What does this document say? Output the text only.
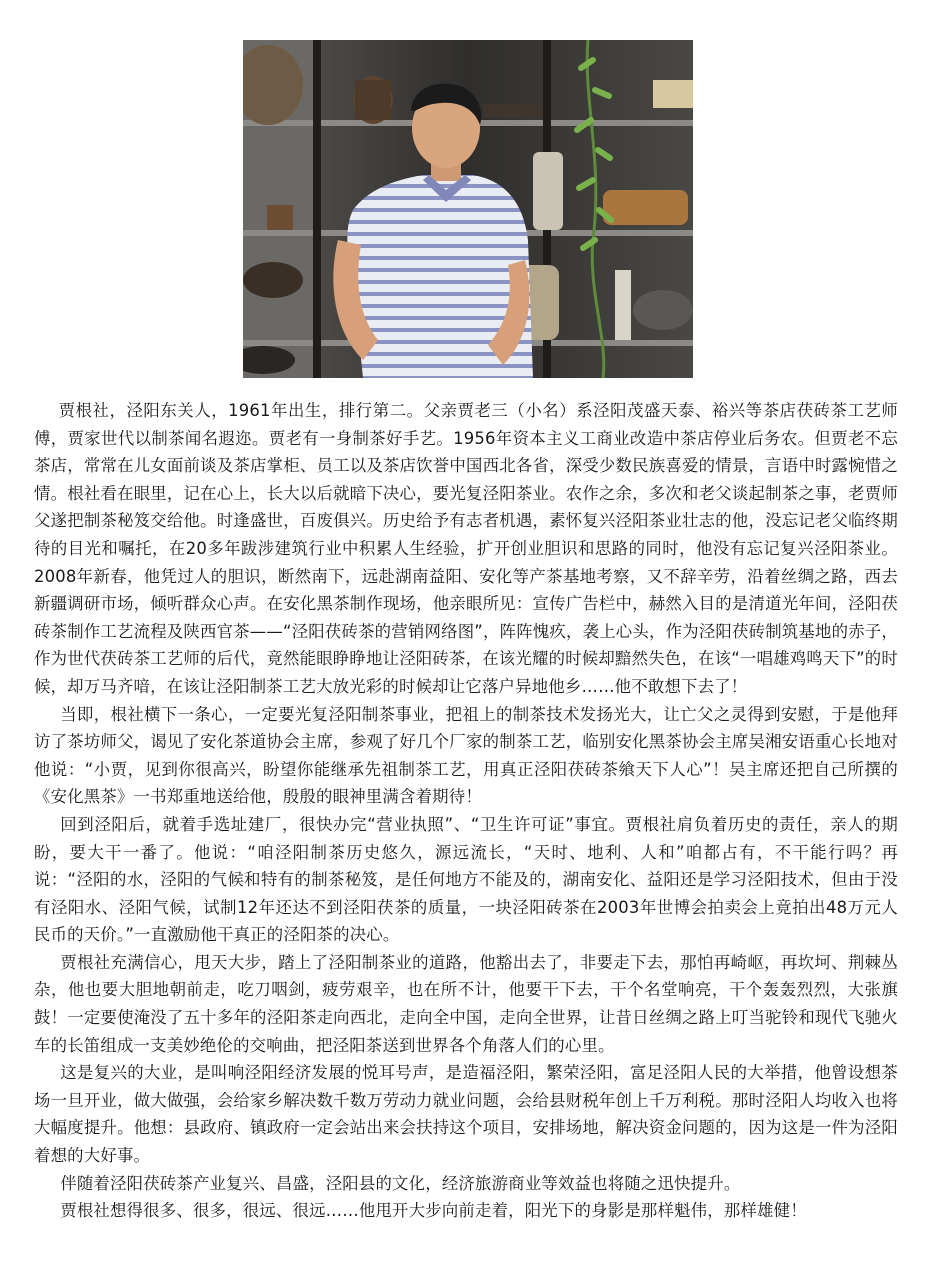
贾根社，泾阳东关人，1961年出生，排行第二。父亲贾老三（小名）系泾阳茂盛天泰、裕兴等茶店茯砖茶工艺师傅，贾家世代以制茶闻名遐迩。贾老有一身制茶好手艺。1956年资本主义工商业改造中茶店停业后务农。但贾老不忘茶店，常常在儿女面前谈及茶店掌柜、员工以及茶店饮誉中国西北各省，深受少数民族喜爱的情景，言语中时露惋惜之情。根社看在眼里，记在心上，长大以后就暗下决心，要光复泾阳茶业。农作之余，多次和老父谈起制茶之事，老贾师父遂把制茶秘笈交给他。时逢盛世，百废俱兴。历史给予有志者机遇，素怀复兴泾阳茶业壮志的他，没忘记老父临终期待的目光和嘱托，在20多年跋涉建筑行业中积累人生经验，扩开创业胆识和思路的同时，他没有忘记复兴泾阳茶业。2008年新春，他凭过人的胆识，断然南下，远赴湖南益阳、安化等产茶基地考察，又不辞辛劳，沿着丝绸之路，西去新疆调研市场，倾听群众心声。在安化黑茶制作现场，他亲眼所见：宣传广告栏中，赫然入目的是清道光年间，泾阳茯砖茶制作工艺流程及陕西官茶——“泾阳茯砖茶的营销网络图”，阵阵愧疚，袭上心头，作为泾阳茯砖制筑基地的赤子，作为世代茯砖茶工艺师的后代，竟然能眼睁睁地让泾阳砖茶，在该光耀的时候却黯然失色，在该“一唱雄鸡鸣天下”的时候，却万马齐喑，在该让泾阳制茶工艺大放光彩的时候却让它落户异地他乡……他不敢想下去了！

当即，根社横下一条心，一定要光复泾阳制茶事业，把祖上的制茶技术发扬光大，让亡父之灵得到安慰，于是他拜访了茶坊师父，谒见了安化茶道协会主席，参观了好几个厂家的制茶工艺，临别安化黑茶协会主席吴湘安语重心长地对他说：“小贾，见到你很高兴，盼望你能继承先祖制茶工艺，用真正泾阳茯砖茶飨天下人心”！吴主席还把自己所撰的《安化黑茶》一书郑重地送给他，殷殷的眼神里满含着期待！

回到泾阳后，就着手选址建厂，很快办完“营业执照”、“卫生许可证”事宜。贾根社肩负着历史的责任，亲人的期盼，要大干一番了。他说：“咱泾阳制茶历史悠久，源远流长，“天时、地利、人和”咱都占有，不干能行吗？再说：“泾阳的水，泾阳的气候和特有的制茶秘笈，是任何地方不能及的，湖南安化、益阳还是学习泾阳技术，但由于没有泾阳水、泾阳气候，试制12年还达不到泾阳茯茶的质量，一块泾阳砖茶在2003年世博会拍卖会上竟拍出48万元人民币的天价。”一直激励他干真正的泾阳茶的决心。

贾根社充满信心，甩天大步，踏上了泾阳制茶业的道路，他豁出去了，非要走下去，那怕再崎岖，再坎坷、荆棘丛杂，他也要大胆地朝前走，吃刀咽剑，疲劳艰辛，也在所不计，他要干下去，干个名堂响亮，干个轰轰烈烈，大张旗鼓！一定要使淹没了五十多年的泾阳茶走向西北，走向全中国，走向全世界，让昔日丝绸之路上叮当驼铃和现代飞驰火车的长笛组成一支美妙绝伦的交响曲，把泾阳茶送到世界各个角落人们的心里。

这是复兴的大业，是叫响泾阳经济发展的悦耳号声，是造福泾阳，繁荣泾阳，富足泾阳人民的大举措，他曾设想茶场一旦开业，做大做强，会给家乡解决数千数万劳动力就业问题，会给县财税年创上千万利税。那时泾阳人均收入也将大幅度提升。他想：县政府、镇政府一定会站出来会扶持这个项目，安排场地，解决资金问题的，因为这是一件为泾阳着想的大好事。

伴随着泾阳茯砖茶产业复兴、昌盛，泾阳县的文化，经济旅游商业等效益也将随之迅快提升。

贾根社想得很多、很多，很远、很远……他甩开大步向前走着，阳光下的身影是那样魁伟，那样雄健！
